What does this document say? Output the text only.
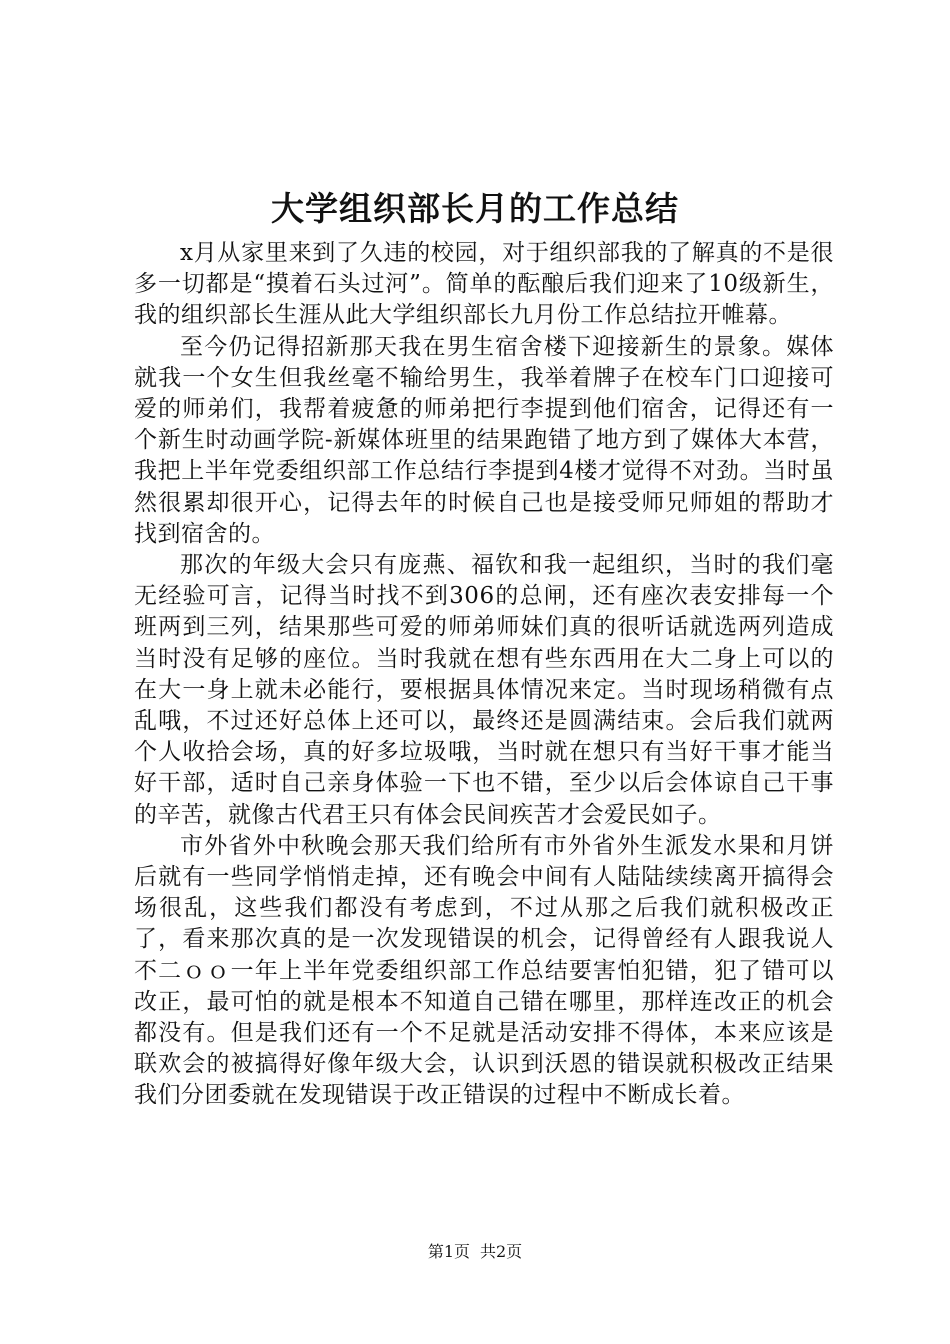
大学组织部长月的工作总结

x月从家里来到了久违的校园，对于组织部我的了解真的不是很多一切都是“摸着石头过河”。简单的酝酿后我们迎来了10级新生，我的组织部长生涯从此大学组织部长九月份工作总结拉开帷幕。

至今仍记得招新那天我在男生宿舍楼下迎接新生的景象。媒体就我一个女生但我丝毫不输给男生，我举着牌子在校车门口迎接可爱的师弟们，我帮着疲惫的师弟把行李提到他们宿舍，记得还有一个新生时动画学院-新媒体班里的结果跑错了地方到了媒体大本营，我把上半年党委组织部工作总结行李提到4楼才觉得不对劲。当时虽然很累却很开心，记得去年的时候自己也是接受师兄师姐的帮助才找到宿舍的。

那次的年级大会只有庞燕、福钦和我一起组织，当时的我们毫无经验可言，记得当时找不到306的总闸，还有座次表安排每一个班两到三列，结果那些可爱的师弟师妹们真的很听话就选两列造成当时没有足够的座位。当时我就在想有些东西用在大二身上可以的在大一身上就未必能行，要根据具体情况来定。当时现场稍微有点乱哦，不过还好总体上还可以，最终还是圆满结束。会后我们就两个人收拾会场，真的好多垃圾哦，当时就在想只有当好干事才能当好干部，适时自己亲身体验一下也不错，至少以后会体谅自己干事的辛苦，就像古代君王只有体会民间疾苦才会爱民如子。

市外省外中秋晚会那天我们给所有市外省外生派发水果和月饼后就有一些同学悄悄走掉，还有晚会中间有人陆陆续续离开搞得会场很乱，这些我们都没有考虑到，不过从那之后我们就积极改正了，看来那次真的是一次发现错误的机会，记得曾经有人跟我说人不二ｏｏ一年上半年党委组织部工作总结要害怕犯错，犯了错可以改正，最可怕的就是根本不知道自己错在哪里，那样连改正的机会都没有。但是我们还有一个不足就是活动安排不得体，本来应该是联欢会的被搞得好像年级大会，认识到沃恩的错误就积极改正结果我们分团委就在发现错误于改正错误的过程中不断成长着。

第1页 共2页
